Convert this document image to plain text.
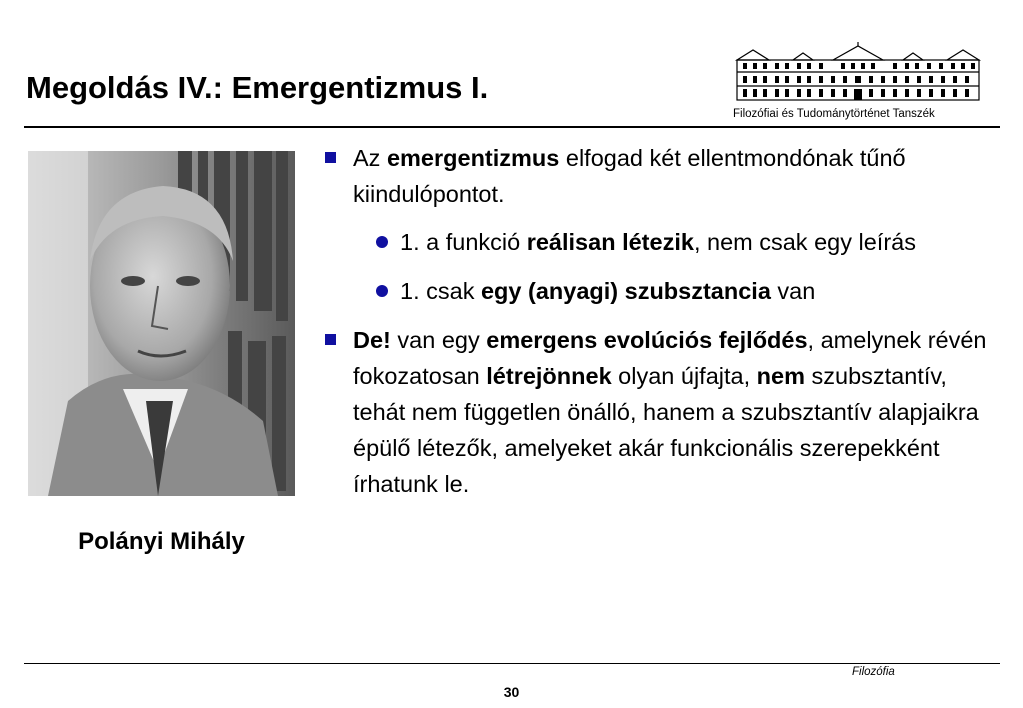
Megoldás IV.: Emergentizmus I.
Filozófiai és Tudománytörténet Tanszék
Polányi Mihály
Az emergentizmus elfogad két ellentmondónak tűnő kiindulópontot.
1. a funkció reálisan létezik, nem csak egy leírás
1. csak egy (anyagi) szubsztancia van
De! van egy emergens evolúciós fejlődés, amelynek révén fokozatosan létrejönnek olyan újfajta, nem szubsztantív, tehát nem független önálló, hanem a szubsztantív alapjaikra épülő létezők, amelyeket akár funkcionális szerepekként írhatunk le.
Filozófia
30
